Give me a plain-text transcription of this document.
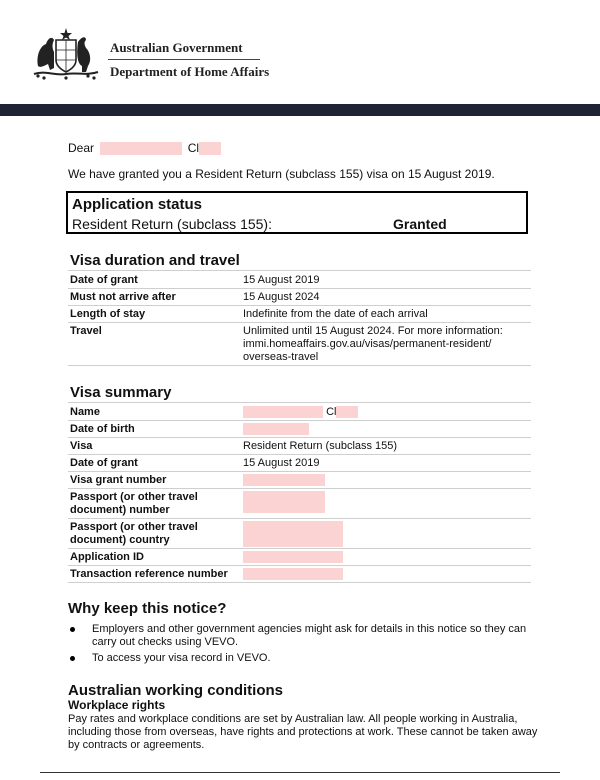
Australian Government
Department of Home Affairs
Dear	Cl
We have granted you a Resident Return (subclass 155) visa on 15 August 2019.
Application status
Resident Return (subclass 155):	Granted
Visa duration and travel
Date of grant	15 August 2019
Must not arrive after	15 August 2024
Length of stay	Indefinite from the date of each arrival
Travel	Unlimited until 15 August 2024. For more information:
immi.homeaffairs.gov.au/visas/permanent-resident/
overseas-travel
Visa summary
Name	Cl
Date of birth	
Visa	Resident Return (subclass 155)
Date of grant	15 August 2019
Visa grant number	

Passport (or other travel
document) number	

Passport (or other travel
document) country	

Application ID	
Transaction reference number	
Why keep this notice?
Employers and other government agencies might ask for details in this notice so they can carry out checks using VEVO.
To access your visa record in VEVO.
Australian working conditions
Workplace rights

Pay rates and workplace conditions are set by Australian law. All people working in Australia, including those from overseas, have rights and protections at work. These cannot be taken away by contracts or agreements.
